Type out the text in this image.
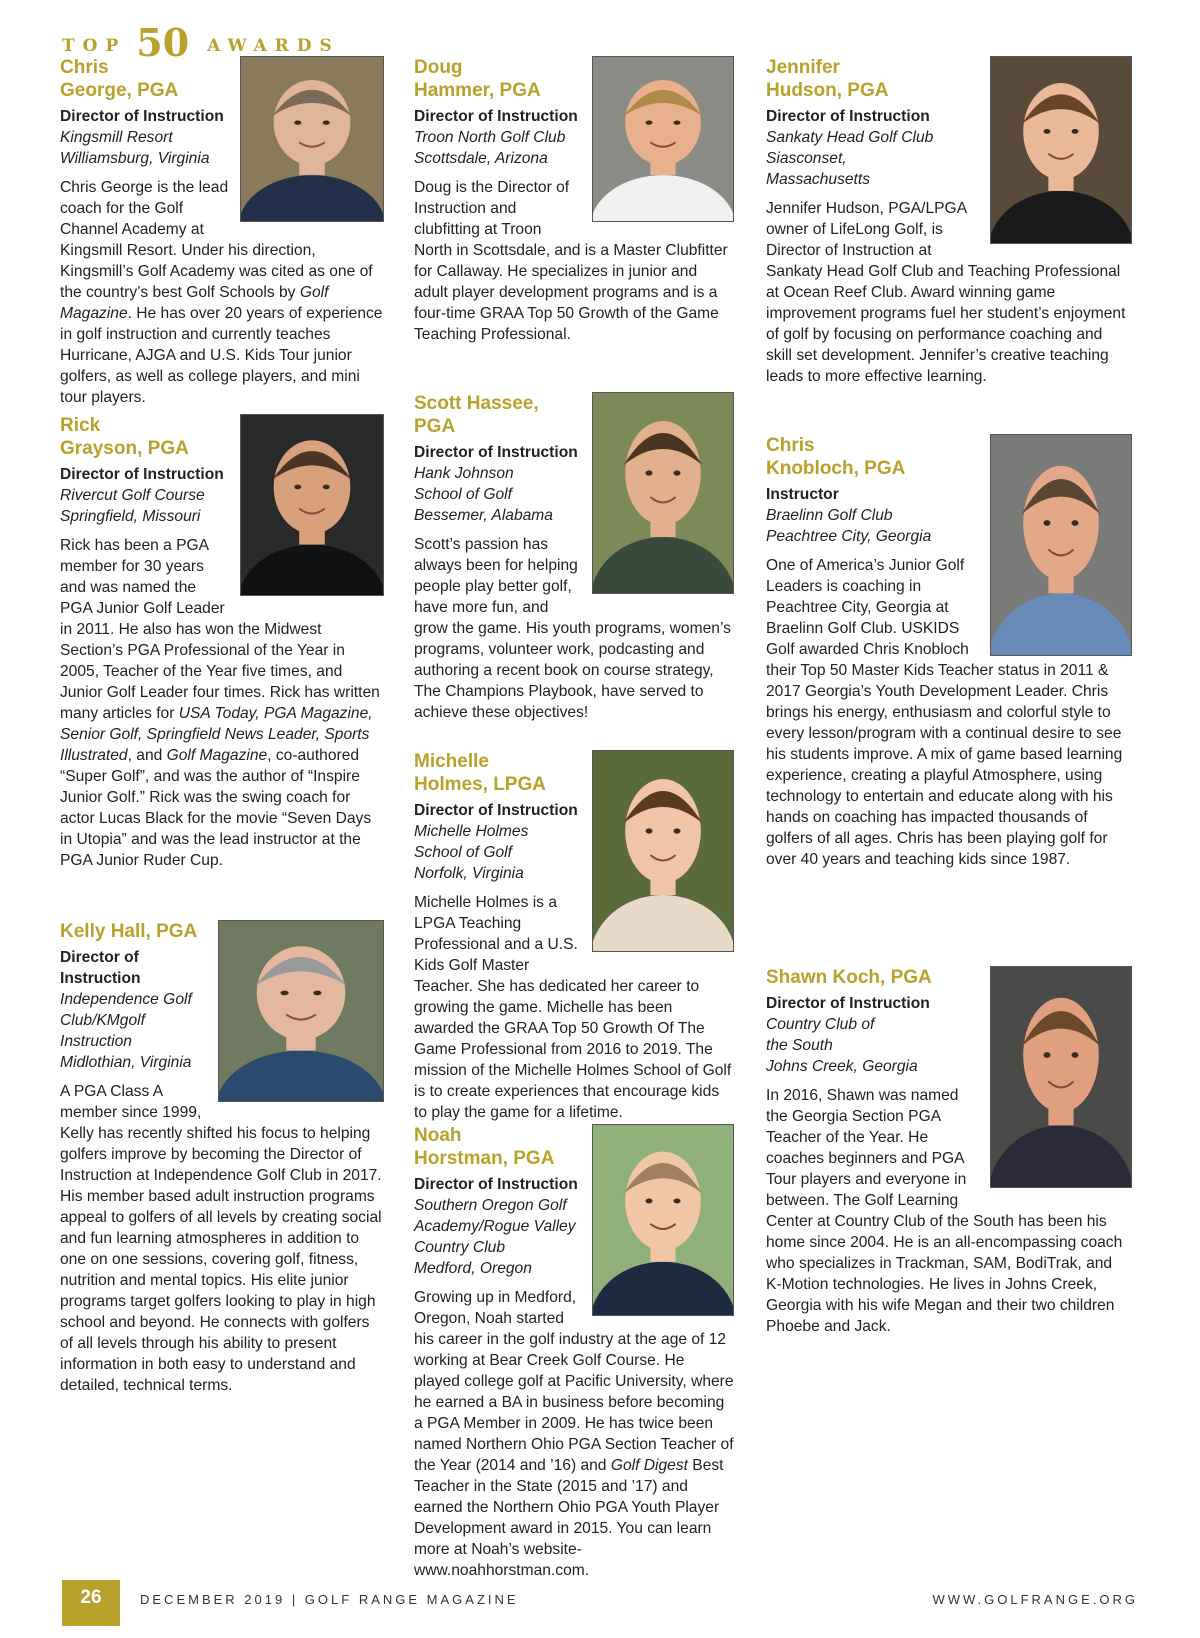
TOP 50 AWARDS
Chris
George, PGA
Director of Instruction
Kingsmill Resort
Williamsburg, Virginia
Chris George is the lead coach for the Golf Channel Academy at Kingsmill Resort. Under his direction, Kingsmill’s Golf Academy was cited as one of the country’s best Golf Schools by Golf Magazine. He has over 20 years of experience in golf instruction and currently teaches Hurricane, AJGA and U.S. Kids Tour junior golfers, as well as college players, and mini tour players.
Rick
Grayson, PGA
Director of Instruction
Rivercut Golf Course
Springfield, Missouri
Rick has been a PGA member for 30 years and was named the PGA Junior Golf Leader in 2011. He also has won the Midwest Section’s PGA Professional of the Year in 2005, Teacher of the Year five times, and Junior Golf Leader four times. Rick has written many articles for USA Today, PGA Magazine, Senior Golf, Springfield News Leader, Sports Illustrated, and Golf Magazine, co-authored “Super Golf”, and was the author of “Inspire Junior Golf.” Rick was the swing coach for actor Lucas Black for the movie “Seven Days in Utopia” and was the lead instructor at the PGA Junior Ruder Cup.
Kelly Hall, PGA
Director of Instruction
Independence Golf Club/KMgolf Instruction
Midlothian, Virginia
A PGA Class A member since 1999, Kelly has recently shifted his focus to helping golfers improve by becoming the Director of Instruction at Independence Golf Club in 2017. His member based adult instruction programs appeal to golfers of all levels by creating social and fun learning atmospheres in addition to one on one sessions, covering golf, fitness, nutrition and mental topics. His elite junior programs target golfers looking to play in high school and beyond. He connects with golfers of all levels through his ability to present information in both easy to understand and detailed, technical terms.
Doug
Hammer, PGA
Director of Instruction
Troon North Golf Club
Scottsdale, Arizona
Doug is the Director of Instruction and clubfitting at Troon North in Scottsdale, and is a Master Clubfitter for Callaway. He specializes in junior and adult player development programs and is a four-time GRAA Top 50 Growth of the Game Teaching Professional.
Scott Hassee, PGA
Director of Instruction
Hank Johnson
School of Golf
Bessemer, Alabama
Scott’s passion has always been for helping people play better golf, have more fun, and grow the game. His youth programs, women’s programs, volunteer work, podcasting and authoring a recent book on course strategy, The Champions Playbook, have served to achieve these objectives!
Michelle
Holmes, LPGA
Director of Instruction
Michelle Holmes
School of Golf
Norfolk, Virginia
Michelle Holmes is a LPGA Teaching Professional and a U.S. Kids Golf Master Teacher. She has dedicated her career to growing the game. Michelle has been awarded the GRAA Top 50 Growth Of The Game Professional from 2016 to 2019. The mission of the Michelle Holmes School of Golf is to create experiences that encourage kids to play the game for a lifetime.
Noah
Horstman, PGA
Director of Instruction
Southern Oregon Golf
Academy/Rogue Valley
Country Club
Medford, Oregon
Growing up in Medford, Oregon, Noah started his career in the golf industry at the age of 12 working at Bear Creek Golf Course. He played college golf at Pacific University, where he earned a BA in business before becoming a PGA Member in 2009. He has twice been named Northern Ohio PGA Section Teacher of the Year (2014 and ’16) and Golf Digest Best Teacher in the State (2015 and ’17) and earned the Northern Ohio PGA Youth Player Development award in 2015. You can learn more at Noah’s website- www.noahhorstman.com.
Jennifer
Hudson, PGA
Director of Instruction
Sankaty Head Golf Club
Siasconset,
Massachusetts
Jennifer Hudson, PGA/LPGA owner of LifeLong Golf, is Director of Instruction at Sankaty Head Golf Club and Teaching Professional at Ocean Reef Club. Award winning game improvement programs fuel her student’s enjoyment of golf by focusing on performance coaching and skill set development. Jennifer’s creative teaching leads to more effective learning.
Chris
Knobloch, PGA
Instructor
Braelinn Golf Club
Peachtree City, Georgia
One of America’s Junior Golf Leaders is coaching in Peachtree City, Georgia at Braelinn Golf Club. USKIDS Golf awarded Chris Knobloch their Top 50 Master Kids Teacher status in 2011 & 2017 Georgia’s Youth Development Leader. Chris brings his energy, enthusiasm and colorful style to every lesson/program with a continual desire to see his students improve. A mix of game based learning experience, creating a playful Atmosphere, using technology to entertain and educate along with his hands on coaching has impacted thousands of golfers of all ages. Chris has been playing golf for over 40 years and teaching kids since 1987.
Shawn Koch, PGA
Director of Instruction
Country Club of
the South
Johns Creek, Georgia
In 2016, Shawn was named the Georgia Section PGA Teacher of the Year. He coaches beginners and PGA Tour players and everyone in between. The Golf Learning Center at Country Club of the South has been his home since 2004. He is an all-encompassing coach who specializes in Trackman, SAM, BodiTrak, and K-Motion technologies. He lives in Johns Creek, Georgia with his wife Megan and their two children Phoebe and Jack.
26	DECEMBER 2019 | GOLF RANGE MAGAZINE	WWW.GOLFRANGE.ORG
